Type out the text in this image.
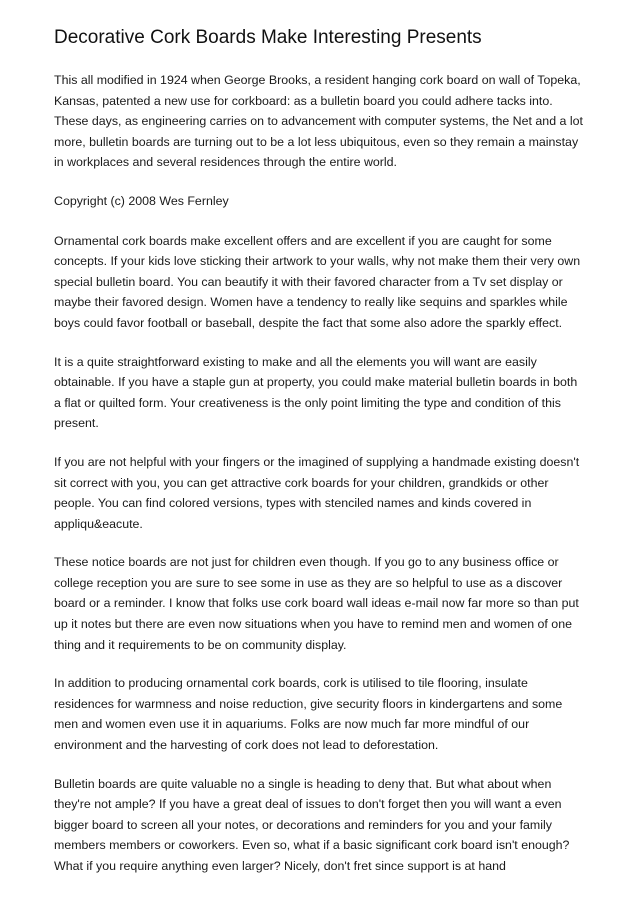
Decorative Cork Boards Make Interesting Presents

This all modified in 1924 when George Brooks, a resident hanging cork board on wall of Topeka, Kansas, patented a new use for corkboard: as a bulletin board you could adhere tacks into. These days, as engineering carries on to advancement with computer systems, the Net and a lot more, bulletin boards are turning out to be a lot less ubiquitous, even so they remain a mainstay in workplaces and several residences through the entire world.

Copyright (c) 2008 Wes Fernley

Ornamental cork boards make excellent offers and are excellent if you are caught for some concepts. If your kids love sticking their artwork to your walls, why not make them their very own special bulletin board. You can beautify it with their favored character from a Tv set display or maybe their favored design. Women have a tendency to really like sequins and sparkles while boys could favor football or baseball, despite the fact that some also adore the sparkly effect.

It is a quite straightforward existing to make and all the elements you will want are easily obtainable. If you have a staple gun at property, you could make material bulletin boards in both a flat or quilted form. Your creativeness is the only point limiting the type and condition of this present.

If you are not helpful with your fingers or the imagined of supplying a handmade existing doesn't sit correct with you, you can get attractive cork boards for your children, grandkids or other people. You can find colored versions, types with stenciled names and kinds covered in appliqu&eacute.

These notice boards are not just for children even though. If you go to any business office or college reception you are sure to see some in use as they are so helpful to use as a discover board or a reminder. I know that folks use cork board wall ideas e-mail now far more so than put up it notes but there are even now situations when you have to remind men and women of one thing and it requirements to be on community display.

In addition to producing ornamental cork boards, cork is utilised to tile flooring, insulate residences for warmness and noise reduction, give security floors in kindergartens and some men and women even use it in aquariums. Folks are now much far more mindful of our environment and the harvesting of cork does not lead to deforestation.

Bulletin boards are quite valuable no a single is heading to deny that. But what about when they're not ample? If you have a great deal of issues to don't forget then you will want a even bigger board to screen all your notes, or decorations and reminders for you and your family members members or coworkers. Even so, what if a basic significant cork board isn't enough? What if you require anything even larger? Nicely, don't fret since support is at hand
